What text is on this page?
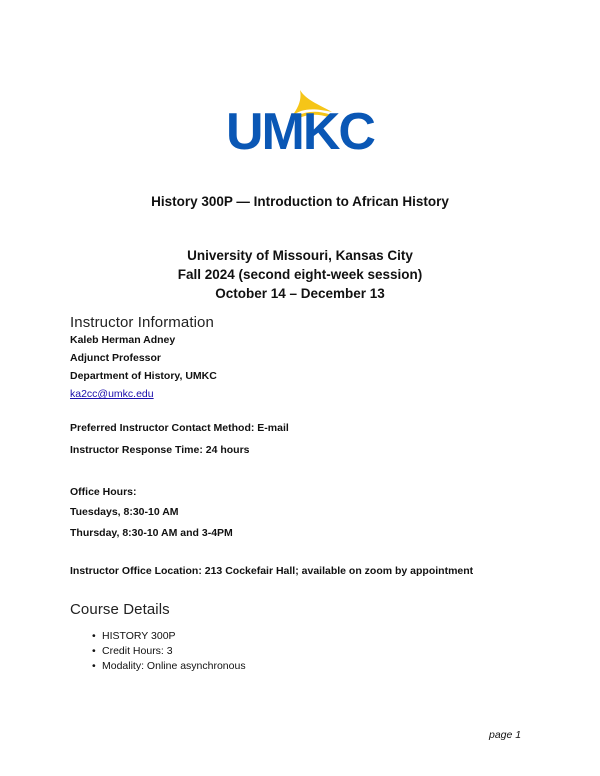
UMKC
History 300P — Introduction to African History
University of Missouri, Kansas City
Fall 2024 (second eight-week session)
October 14 – December 13
Instructor Information
Kaleb Herman Adney
Adjunct Professor
Department of History, UMKC
ka2cc@umkc.edu
Preferred Instructor Contact Method: E-mail
Instructor Response Time: 24 hours
Office Hours:
Tuesdays, 8:30-10 AM
Thursday, 8:30-10 AM and 3-4PM
Instructor Office Location: 213 Cockefair Hall; available on zoom by appointment
Course Details
• HISTORY 300P
• Credit Hours: 3
• Modality: Online asynchronous
page 1
